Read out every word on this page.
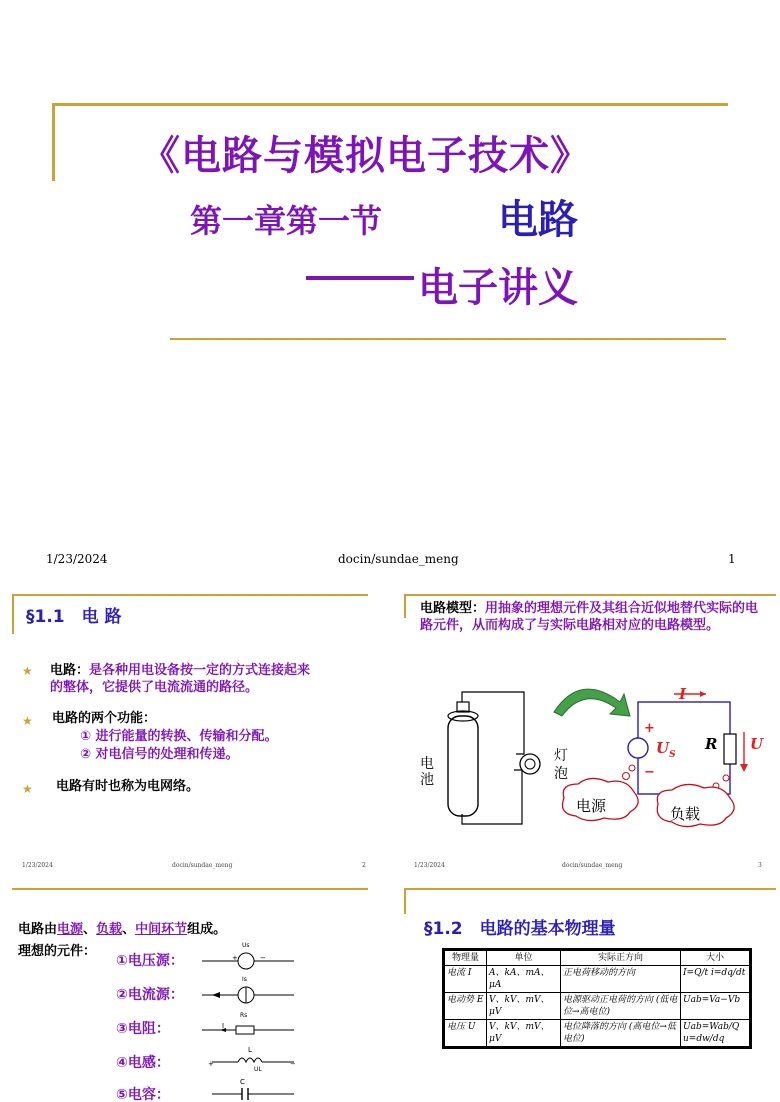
《电路与模拟电子技术》
第一章第一节	电路
电子讲义
1/23/2024	docin/sundae_meng	1
§1.1　电 路
★ 电路：是各种用电设备按一定的方式连接起来
的整体，它提供了电流流通的路径。
★ 电路的两个功能：
① 进行能量的转换、传输和分配。
② 对电信号的处理和传递。
★ 电路有时也称为电网络。
1/23/2024	docin/sundae_meng	2
电路模型：用抽象的理想元件及其组合近似地替代实际的电路元件，从而构成了与实际电路相对应的电路模型。
电
池
灯
泡
I
+
−
$U_S$
R U
电源	负载
1/23/2024	docin/sundae_meng	3
电路由电源、负载、中间环节组成。
理想的元件：
①电压源：
②电流源：
③电阻：
④电感：
⑤电容：
Us
+	−
Is
Rs
I
L
+
UL
−
C
§1.2　电路的基本物理量
物理量	单位	实际正方向	大小
电流 I	A、kA、mA、μA	正电荷移动的方向	I=Q/t i=dq/dt
电动势 E	V、kV、mV、μV	电源驱动正电荷的方向 (低电位→高电位)	Uab=Va−Vb
电压 U	V、kV、mV、μV	电位降落的方向 (高电位→低电位)	Uab=Wab/Q u=dw/dq
